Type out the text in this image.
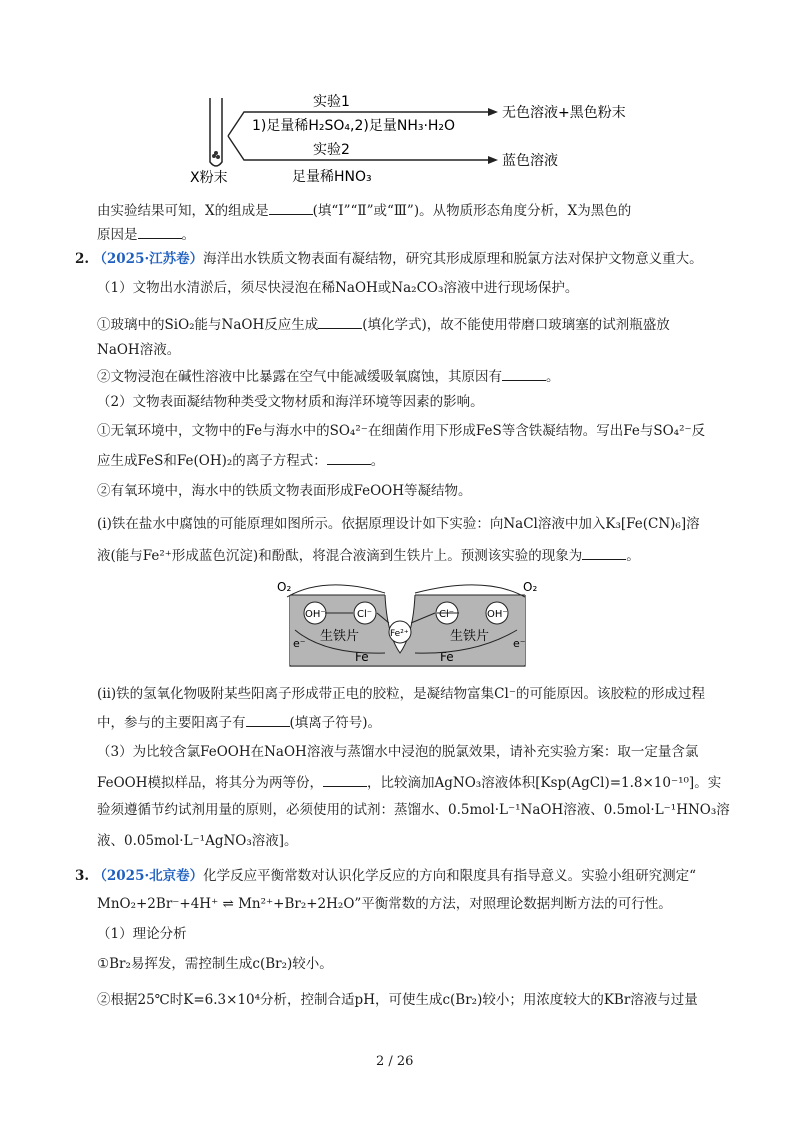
实验1
1)足量稀H₂SO₄,2)足量NH₃·H₂O
无色溶液+黑色粉末
实验2
足量稀HNO₃
蓝色溶液
X粉末
由实验结果可知，X的组成是	(填“Ⅰ”“Ⅱ”或“Ⅲ”)。从物质形态角度分析，X为黑色的
原因是	。
2. （2025·江苏卷）海洋出水铁质文物表面有凝结物，研究其形成原理和脱氯方法对保护文物意义重大。
（1）文物出水清淤后，须尽快浸泡在稀NaOH或Na₂CO₃溶液中进行现场保护。
①玻璃中的SiO₂能与NaOH反应生成	(填化学式)，故不能使用带磨口玻璃塞的试剂瓶盛放
NaOH溶液。
②文物浸泡在碱性溶液中比暴露在空气中能减缓吸氧腐蚀，其原因有	。
（2）文物表面凝结物种类受文物材质和海洋环境等因素的影响。
①无氧环境中，文物中的Fe与海水中的SO₄²⁻在细菌作用下形成FeS等含铁凝结物。写出Fe与SO₄²⁻反
应生成FeS和Fe(OH)₂的离子方程式：	。
②有氧环境中，海水中的铁质文物表面形成FeOOH等凝结物。
(i)铁在盐水中腐蚀的可能原理如图所示。依据原理设计如下实验：向NaCl溶液中加入K₃[Fe(CN)₆]溶
液(能与Fe²⁺形成蓝色沉淀)和酚酞，将混合液滴到生铁片上。预测该实验的现象为	。
OH⁻	Cl⁻	Cl⁻	OH⁻
Fe²⁺
O₂	O₂
生铁片	生铁片
Fe	Fe
e⁻	e⁻
(ii)铁的氢氧化物吸附某些阳离子形成带正电的胶粒，是凝结物富集Cl⁻的可能原因。该胶粒的形成过程
中，参与的主要阳离子有	(填离子符号)。
（3）为比较含氯FeOOH在NaOH溶液与蒸馏水中浸泡的脱氯效果，请补充实验方案：取一定量含氯
FeOOH模拟样品，将其分为两等份，	，比较滴加AgNO₃溶液体积[Ksp(AgCl)=1.8×10⁻¹⁰]。实
验须遵循节约试剂用量的原则，必须使用的试剂：蒸馏水、0.5mol·L⁻¹NaOH溶液、0.5mol·L⁻¹HNO₃溶
液、0.05mol·L⁻¹AgNO₃溶液]。
3. （2025·北京卷）化学反应平衡常数对认识化学反应的方向和限度具有指导意义。实验小组研究测定“
MnO₂+2Br⁻+4H⁺ ⇌ Mn²⁺+Br₂+2H₂O”平衡常数的方法，对照理论数据判断方法的可行性。
（1）理论分析
①Br₂易挥发，需控制生成c(Br₂)较小。
②根据25℃时K=6.3×10⁴分析，控制合适pH，可使生成c(Br₂)较小；用浓度较大的KBr溶液与过量
2 / 26
